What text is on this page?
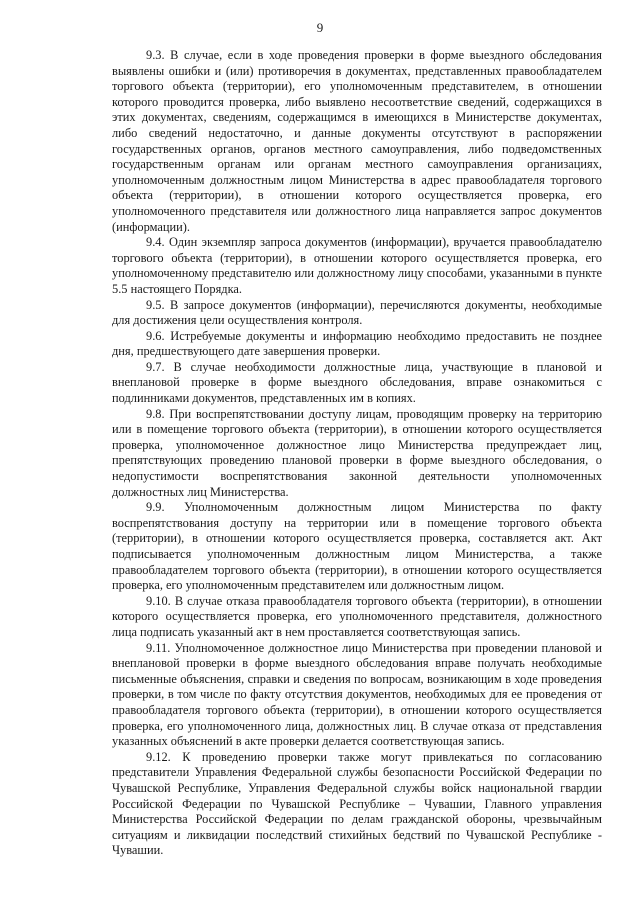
9

9.3. В случае, если в ходе проведения проверки в форме выездного обследования выявлены ошибки и (или) противоречия в документах, представленных правообладателем торгового объекта (территории), его уполномоченным представителем, в отношении которого проводится проверка, либо выявлено несоответствие сведений, содержащихся в этих документах, сведениям, содержащимся в имеющихся в Министерстве документах, либо сведений недостаточно, и данные документы отсутствуют в распоряжении государственных органов, органов местного самоуправления, либо подведомственных государственным органам или органам местного самоуправления организациях, уполномоченным должностным лицом Министерства в адрес правообладателя торгового объекта (территории), в отношении которого осуществляется проверка, его уполномоченного представителя или должностного лица направляется запрос документов (информации).

9.4. Один экземпляр запроса документов (информации), вручается правообладателю торгового объекта (территории), в отношении которого осуществляется проверка, его уполномоченному представителю или должностному лицу способами, указанными в пункте 5.5 настоящего Порядка.

9.5. В запросе документов (информации), перечисляются документы, необходимые для достижения цели осуществления контроля.

9.6. Истребуемые документы и информацию необходимо предоставить не позднее дня, предшествующего дате завершения проверки.

9.7. В случае необходимости должностные лица, участвующие в плановой и внеплановой проверке в форме выездного обследования, вправе ознакомиться с подлинниками документов, представленных им в копиях.

9.8. При воспрепятствовании доступу лицам, проводящим проверку на территорию или в помещение торгового объекта (территории), в отношении которого осуществляется проверка, уполномоченное должностное лицо Министерства предупреждает лиц, препятствующих проведению плановой проверки в форме выездного обследования, о недопустимости воспрепятствования законной деятельности уполномоченных должностных лиц Министерства.

9.9. Уполномоченным должностным лицом Министерства по факту воспрепятствования доступу на территории или в помещение торгового объекта (территории), в отношении которого осуществляется проверка, составляется акт. Акт подписывается уполномоченным должностным лицом Министерства, а также правообладателем торгового объекта (территории), в отношении которого осуществляется проверка, его уполномоченным представителем или должностным лицом.

9.10. В случае отказа правообладателя торгового объекта (территории), в отношении которого осуществляется проверка, его уполномоченного представителя, должностного лица подписать указанный акт в нем проставляется соответствующая запись.

9.11. Уполномоченное должностное лицо Министерства при проведении плановой и внеплановой проверки в форме выездного обследования вправе получать необходимые письменные объяснения, справки и сведения по вопросам, возникающим в ходе проведения проверки, в том числе по факту отсутствия документов, необходимых для ее проведения от правообладателя торгового объекта (территории), в отношении которого осуществляется проверка, его уполномоченного лица, должностных лиц. В случае отказа от представления указанных объяснений в акте проверки делается соответствующая запись.

9.12. К проведению проверки также могут привлекаться по согласованию представители Управления Федеральной службы безопасности Российской Федерации по Чувашской Республике, Управления Федеральной службы войск национальной гвардии Российской Федерации по Чувашской Республике – Чувашии, Главного управления Министерства Российской Федерации по делам гражданской обороны, чрезвычайным ситуациям и ликвидации последствий стихийных бедствий по Чувашской Республике - Чувашии.
